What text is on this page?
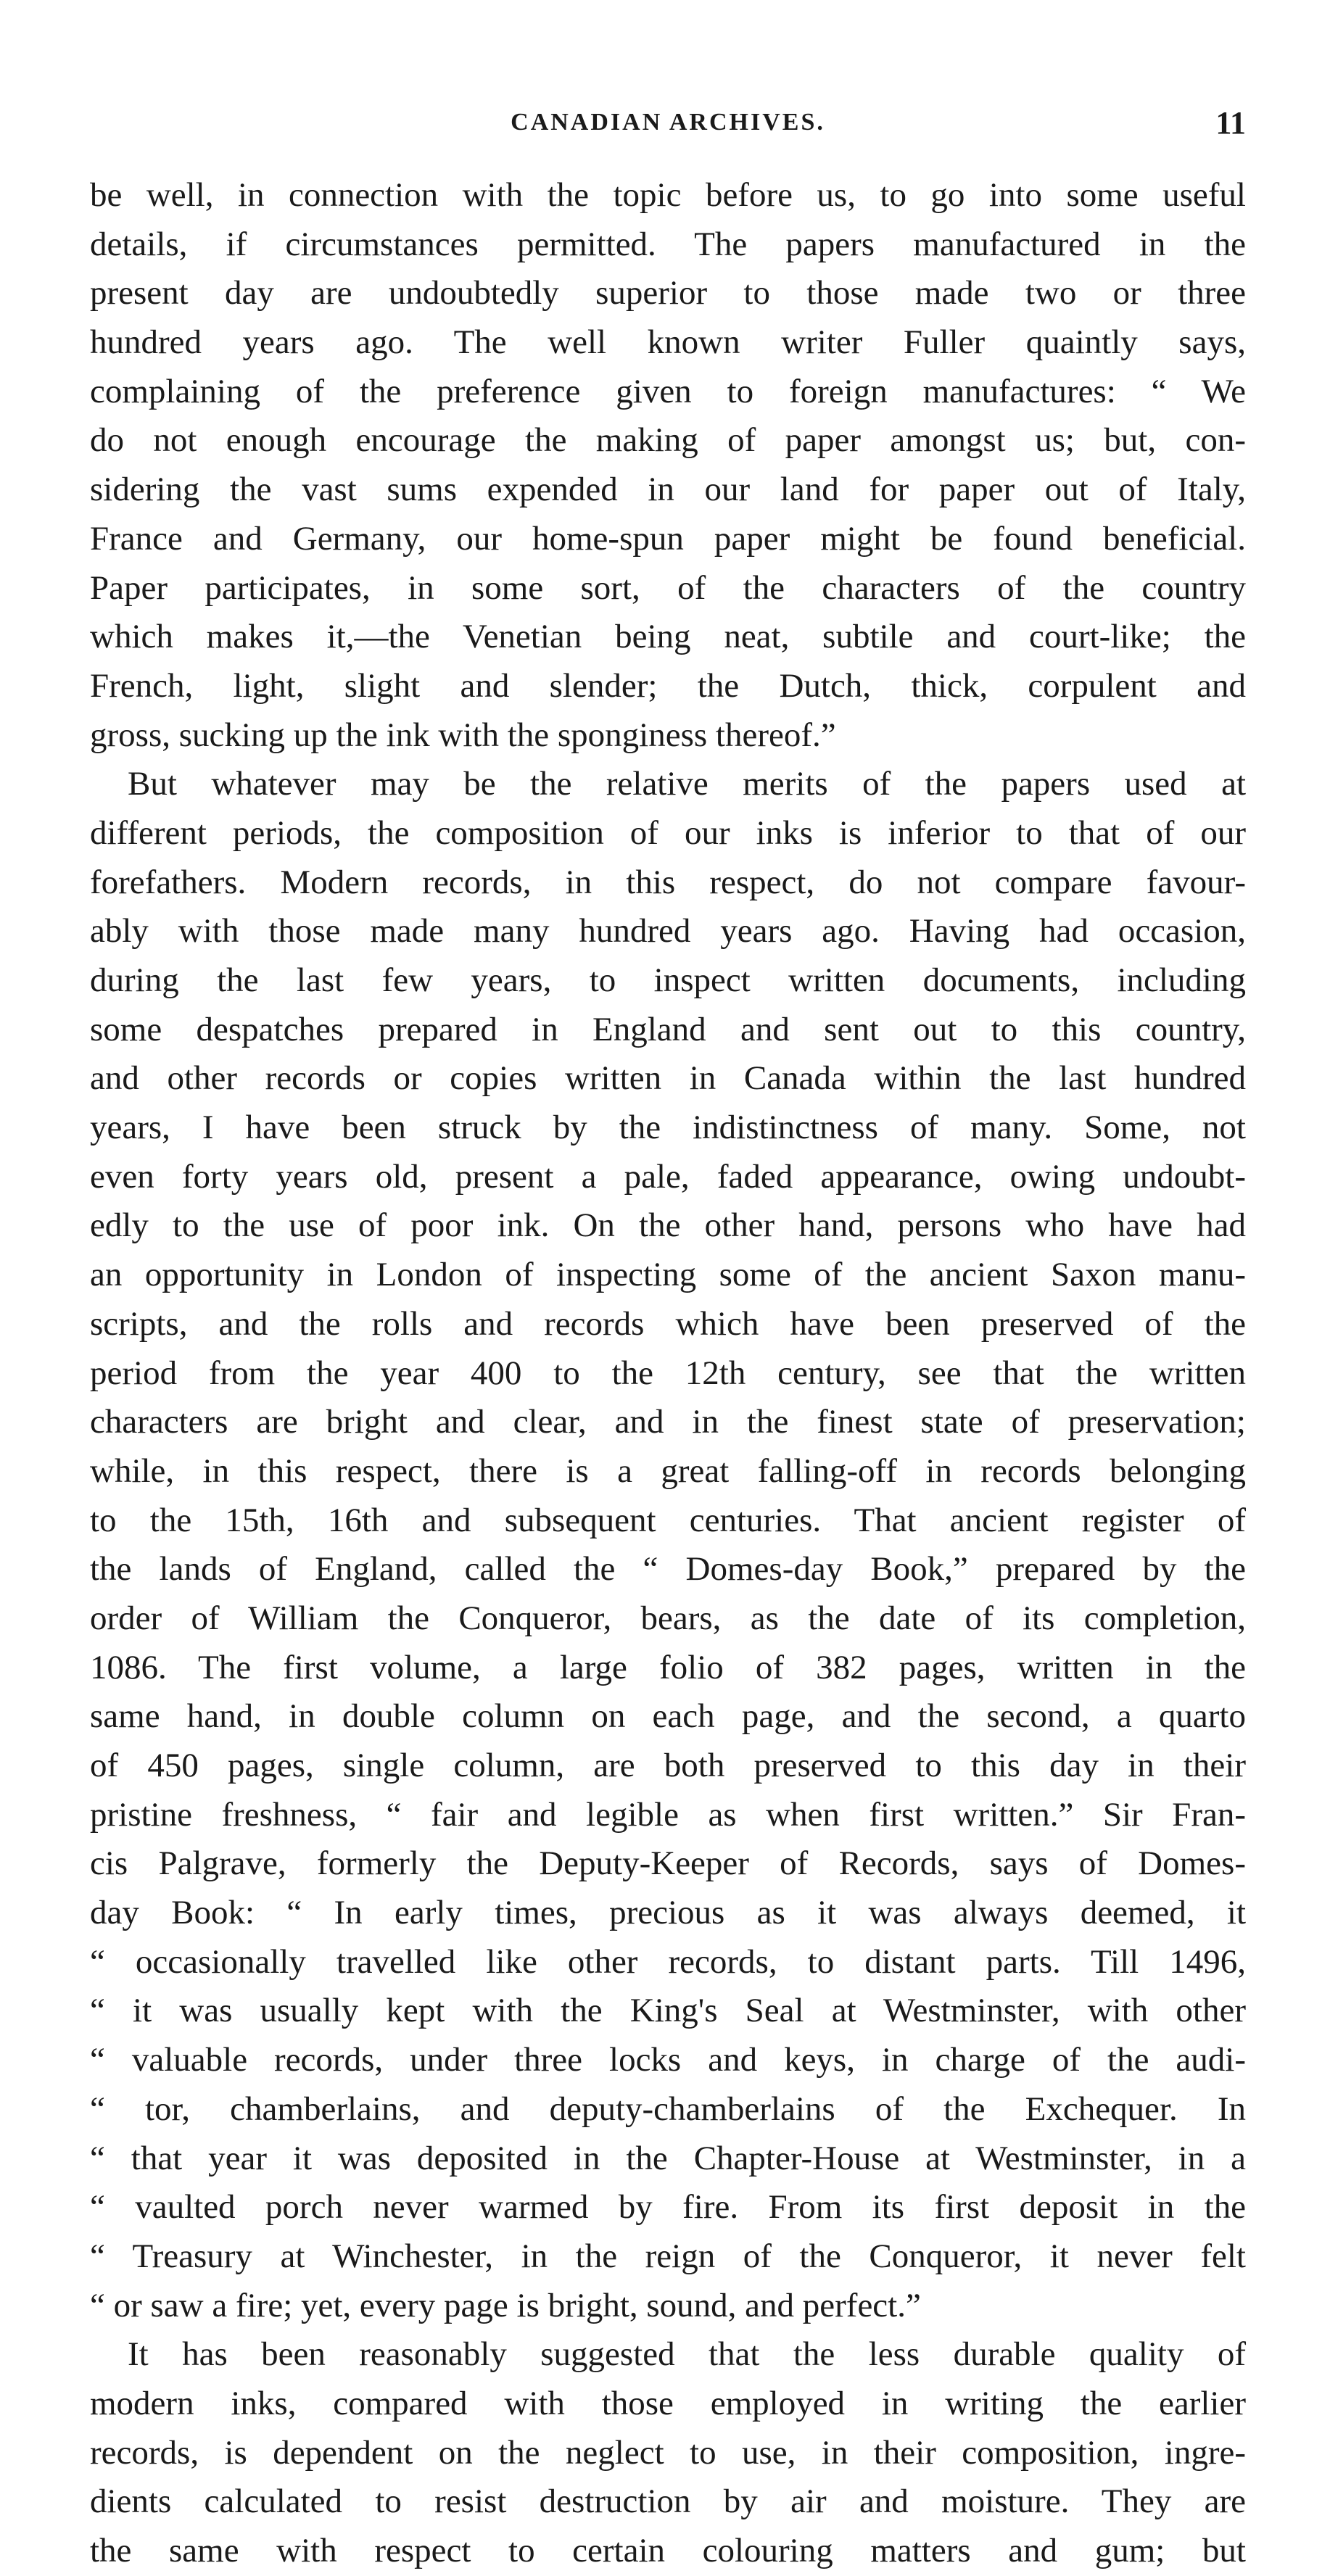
CANADIAN ARCHIVES.	11
be well, in connection with the topic before us, to go into some useful
details, if circumstances permitted. The papers manufactured in the
present day are undoubtedly superior to those made two or three
hundred years ago. The well known writer Fuller quaintly says,
complaining of the preference given to foreign manufactures: “ We
do not enough encourage the making of paper amongst us; but, con-
sidering the vast sums expended in our land for paper out of Italy,
France and Germany, our home-spun paper might be found beneficial.
Paper participates, in some sort, of the characters of the country
which makes it,—the Venetian being neat, subtile and court-like; the
French, light, slight and slender; the Dutch, thick, corpulent and
gross, sucking up the ink with the sponginess thereof.”
But whatever may be the relative merits of the papers used at
different periods, the composition of our inks is inferior to that of our
forefathers. Modern records, in this respect, do not compare favour-
ably with those made many hundred years ago. Having had occasion,
during the last few years, to inspect written documents, including
some despatches prepared in England and sent out to this country,
and other records or copies written in Canada within the last hundred
years, I have been struck by the indistinctness of many. Some, not
even forty years old, present a pale, faded appearance, owing undoubt-
edly to the use of poor ink. On the other hand, persons who have had
an opportunity in London of inspecting some of the ancient Saxon manu-
scripts, and the rolls and records which have been preserved of the
period from the year 400 to the 12th century, see that the written
characters are bright and clear, and in the finest state of preservation;
while, in this respect, there is a great falling-off in records belonging
to the 15th, 16th and subsequent centuries. That ancient register of
the lands of England, called the “ Domes-day Book,” prepared by the
order of William the Conqueror, bears, as the date of its completion,
1086. The first volume, a large folio of 382 pages, written in the
same hand, in double column on each page, and the second, a quarto
of 450 pages, single column, are both preserved to this day in their
pristine freshness, “ fair and legible as when first written.” Sir Fran-
cis Palgrave, formerly the Deputy-Keeper of Records, says of Domes-
day Book: “ In early times, precious as it was always deemed, it
“ occasionally travelled like other records, to distant parts. Till 1496,
“ it was usually kept with the King's Seal at Westminster, with other
“ valuable records, under three locks and keys, in charge of the audi-
“ tor, chamberlains, and deputy-chamberlains of the Exchequer. In
“ that year it was deposited in the Chapter-House at Westminster, in a
“ vaulted porch never warmed by fire. From its first deposit in the
“ Treasury at Winchester, in the reign of the Conqueror, it never felt
“ or saw a fire; yet, every page is bright, sound, and perfect.”
It has been reasonably suggested that the less durable quality of
modern inks, compared with those employed in writing the earlier
records, is dependent on the neglect to use, in their composition, ingre-
dients calculated to resist destruction by air and moisture. They are
the same with respect to certain colouring matters and gum; but
